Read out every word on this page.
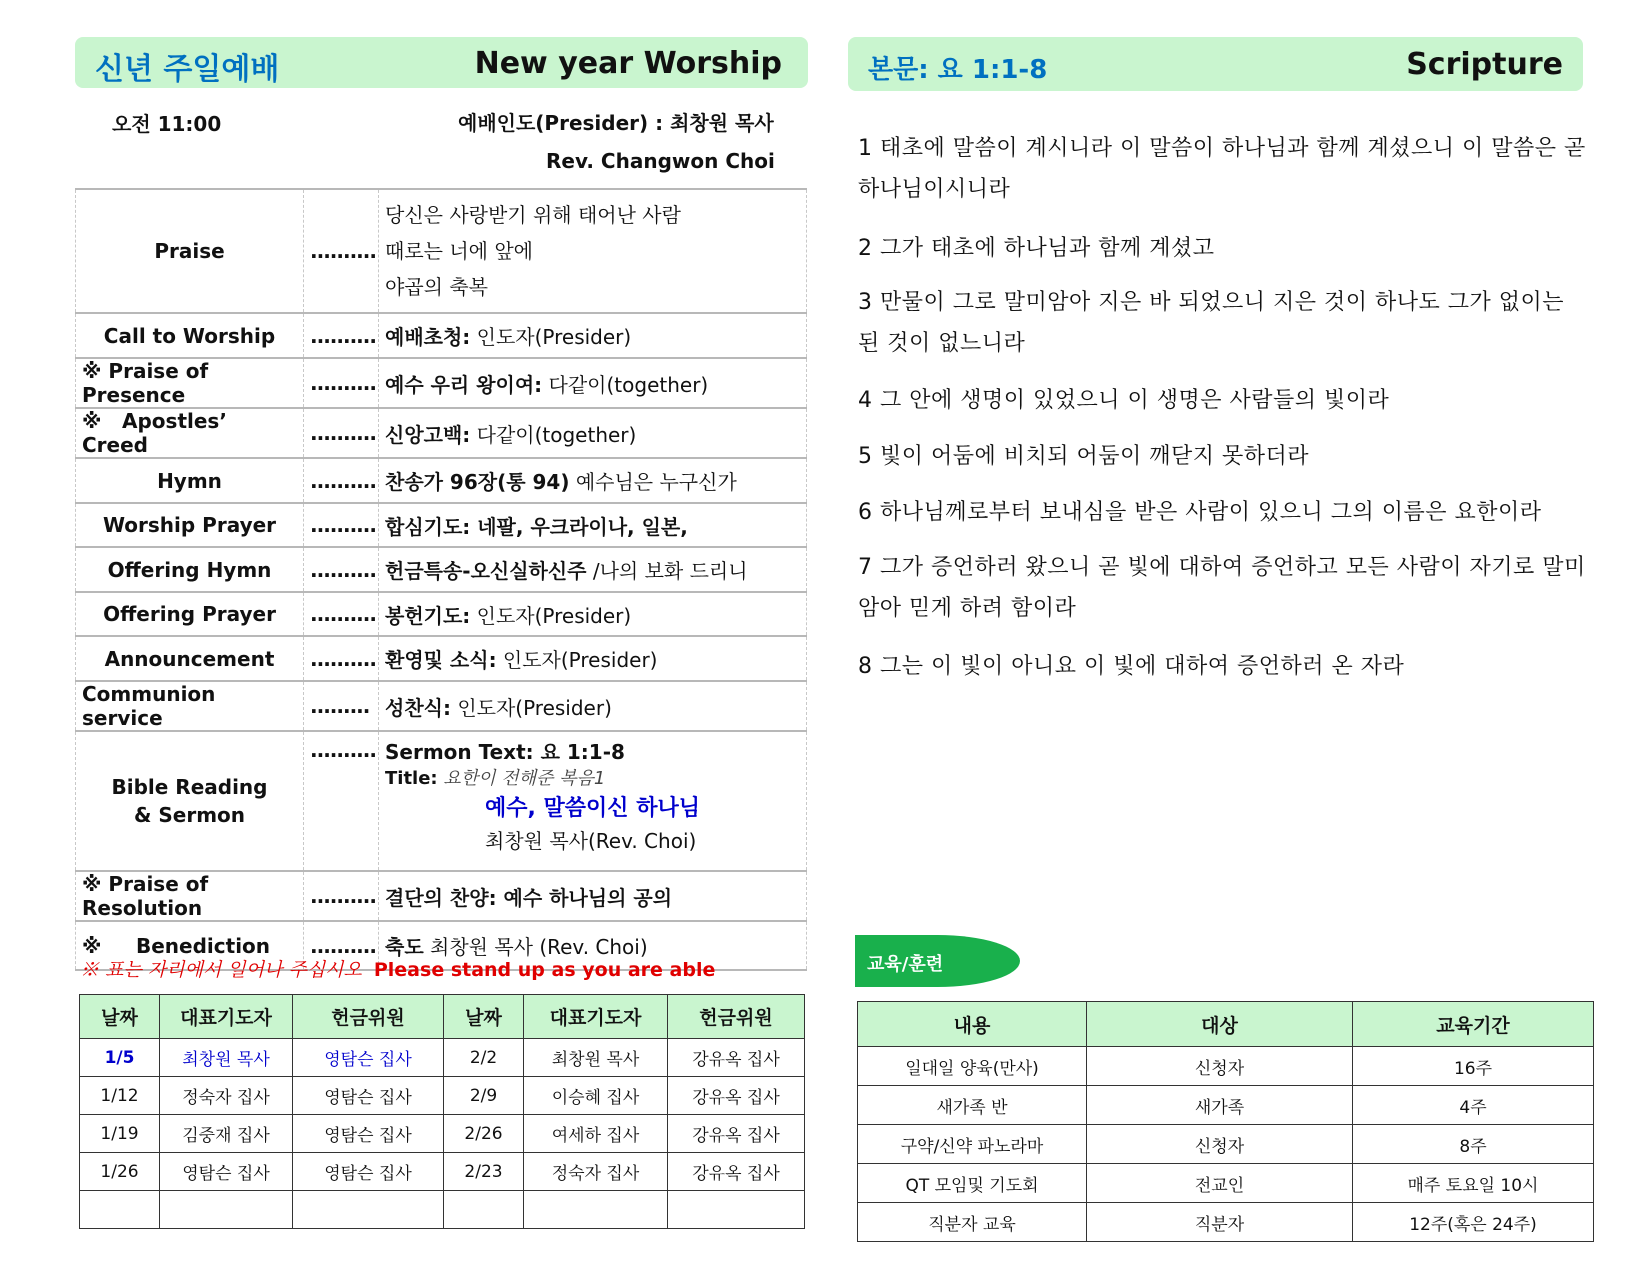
신년 주일예배	New year Worship
오전 11:00	예배인도(Presider) : 최창원 목사
Rev. Changwon Choi
Praise	..........	당신은 사랑받기 위해 태어난 사람
때로는 너에 앞에
야곱의 축복

Call to Worship	..........	예배초청: 인도자(Presider)
※ Praise of Presence	..........	예수 우리 왕이여: 다같이(together)
※ Apostles’ Creed	..........	신앙고백: 다같이(together)
Hymn	..........	찬송가 96장(통 94) 예수님은 누구신가
Worship Prayer	..........	합심기도: 네팔, 우크라이나, 일본,
Offering Hymn	..........	헌금특송-오신실하신주 /나의 보화 드리니
Offering Prayer	..........	봉헌기도: 인도자(Presider)
Announcement	..........	환영및 소식: 인도자(Presider)
Communion service	.........	성찬식: 인도자(Presider)
Bible Reading & Sermon	..........	Sermon Text: 요 1:1-8
Title: 요한이 전해준 복음1
예수, 말씀이신 하나님
최창원 목사(Rev. Choi)

※ Praise of Resolution	..........	결단의 찬양: 예수 하나님의 공의
※ Benediction	..........	축도 최창원 목사 (Rev. Choi)
※ 표는 자리에서 일어나 주십시오 Please stand up as you are able
날짜	대표기도자	헌금위원	날짜	대표기도자	헌금위원
1/5	최창원 목사	영탐슨 집사	2/2	최창원 목사	강유옥 집사
1/12	정숙자 집사	영탐슨 집사	2/9	이승혜 집사	강유옥 집사
1/19	김중재 집사	영탐슨 집사	2/26	여세하 집사	강유옥 집사
1/26	영탐슨 집사	영탐슨 집사	2/23	정숙자 집사	강유옥 집사

본문: 요 1:1-8	Scripture
1 태초에 말씀이 계시니라 이 말씀이 하나님과 함께 계셨으니 이 말씀은 곧 하나님이시니라
2 그가 태초에 하나님과 함께 계셨고
3 만물이 그로 말미암아 지은 바 되었으니 지은 것이 하나도 그가 없이는 된 것이 없느니라
4 그 안에 생명이 있었으니 이 생명은 사람들의 빛이라
5 빛이 어둠에 비치되 어둠이 깨닫지 못하더라
6 하나님께로부터 보내심을 받은 사람이 있으니 그의 이름은 요한이라
7 그가 증언하러 왔으니 곧 빛에 대하여 증언하고 모든 사람이 자기로 말미암아 믿게 하려 함이라
8 그는 이 빛이 아니요 이 빛에 대하여 증언하러 온 자라
교육/훈련
내용	대상	교육기간
일대일 양육(만사)	신청자	16주
새가족 반	새가족	4주
구약/신약 파노라마	신청자	8주
QT 모임및 기도회	전교인	매주 토요일 10시
직분자 교육	직분자	12주(혹은 24주)
